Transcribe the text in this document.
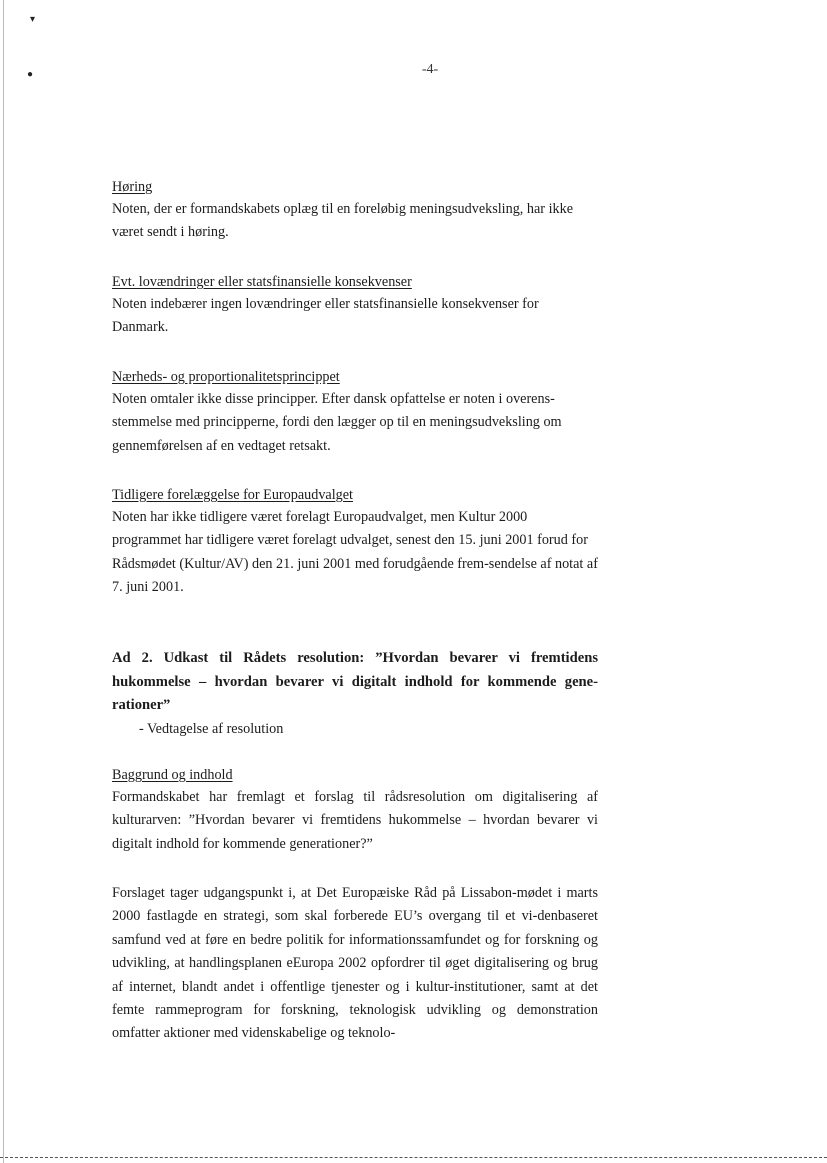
▾
●	-4-

Høring

Noten, der er formandskabets oplæg til en foreløbig meningsudveksling, har ikke været sendt i høring.

Evt. lovændringer eller statsfinansielle konsekvenser

Noten indebærer ingen lovændringer eller statsfinansielle konsekvenser for Danmark.

Nærheds- og proportionalitetsprincippet

Noten omtaler ikke disse principper. Efter dansk opfattelse er noten i overens-stemmelse med principperne, fordi den lægger op til en meningsudveksling om gennemførelsen af en vedtaget retsakt.

Tidligere forelæggelse for Europaudvalget

Noten har ikke tidligere været forelagt Europaudvalget, men Kultur 2000 programmet har tidligere været forelagt udvalget, senest den 15. juni 2001 forud for Rådsmødet (Kultur/AV) den 21. juni 2001 med forudgående frem-sendelse af notat af 7. juni 2001.

Ad 2. Udkast til Rådets resolution: ”Hvordan bevarer vi fremtidens hukommelse – hvordan bevarer vi digitalt indhold for kommende gene-rationer”

- Vedtagelse af resolution

Baggrund og indhold

Formandskabet har fremlagt et forslag til rådsresolution om digitalisering af kulturarven: ”Hvordan bevarer vi fremtidens hukommelse – hvordan bevarer vi digitalt indhold for kommende generationer?”

Forslaget tager udgangspunkt i, at Det Europæiske Råd på Lissabon-mødet i marts 2000 fastlagde en strategi, som skal forberede EU’s overgang til et vi-denbaseret samfund ved at føre en bedre politik for informationssamfundet og for forskning og udvikling, at handlingsplanen eEuropa 2002 opfordrer til øget digitalisering og brug af internet, blandt andet i offentlige tjenester og i kultur-institutioner, samt at det femte rammeprogram for forskning, teknologisk udvikling og demonstration omfatter aktioner med videnskabelige og teknolo-
